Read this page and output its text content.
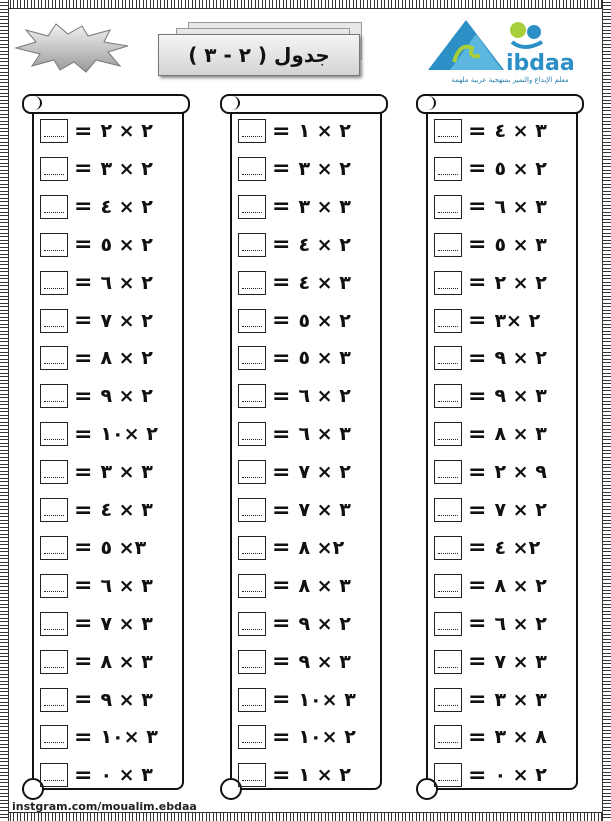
جدول ( ٢ - ٣ )	ibdaa
معلم الإبداع والتميز بمنهجية عربية ملهمة
= ٢ × ٢
= ٢ × ٣
= ٢ × ٤
= ٢ × ٥
= ٢ × ٦
= ٢ × ٧
= ٢ × ٨
= ٢ × ٩
= ٢ ×١٠
= ٣ × ٣
= ٣ × ٤
= ٣× ٥
= ٣ × ٦
= ٣ × ٧
= ٣ × ٨
= ٣ × ٩
= ٣ ×١٠
= ٣ × ٠
= ٢ × ١
= ٢ × ٣
= ٣ × ٣
= ٢ × ٤
= ٣ × ٤
= ٢ × ٥
= ٣ × ٥
= ٢ × ٦
= ٣ × ٦
= ٢ × ٧
= ٣ × ٧
= ٢× ٨
= ٣ × ٨
= ٢ × ٩
= ٣ × ٩
= ٣ ×١٠
= ٢ ×١٠
= ٢ × ١
= ٣ × ٤
= ٢ × ٥
= ٣ × ٦
= ٣ × ٥
= ٢ × ٢
= ٢ ×٣
= ٢ × ٩
= ٣ × ٩
= ٣ × ٨
= ٩ × ٢
= ٢ × ٧
= ٢× ٤
= ٢ × ٨
= ٢ × ٦
= ٣ × ٧
= ٣ × ٣
= ٨ × ٣
= ٢ × ٠
instgram.com/moualim.ebdaa
